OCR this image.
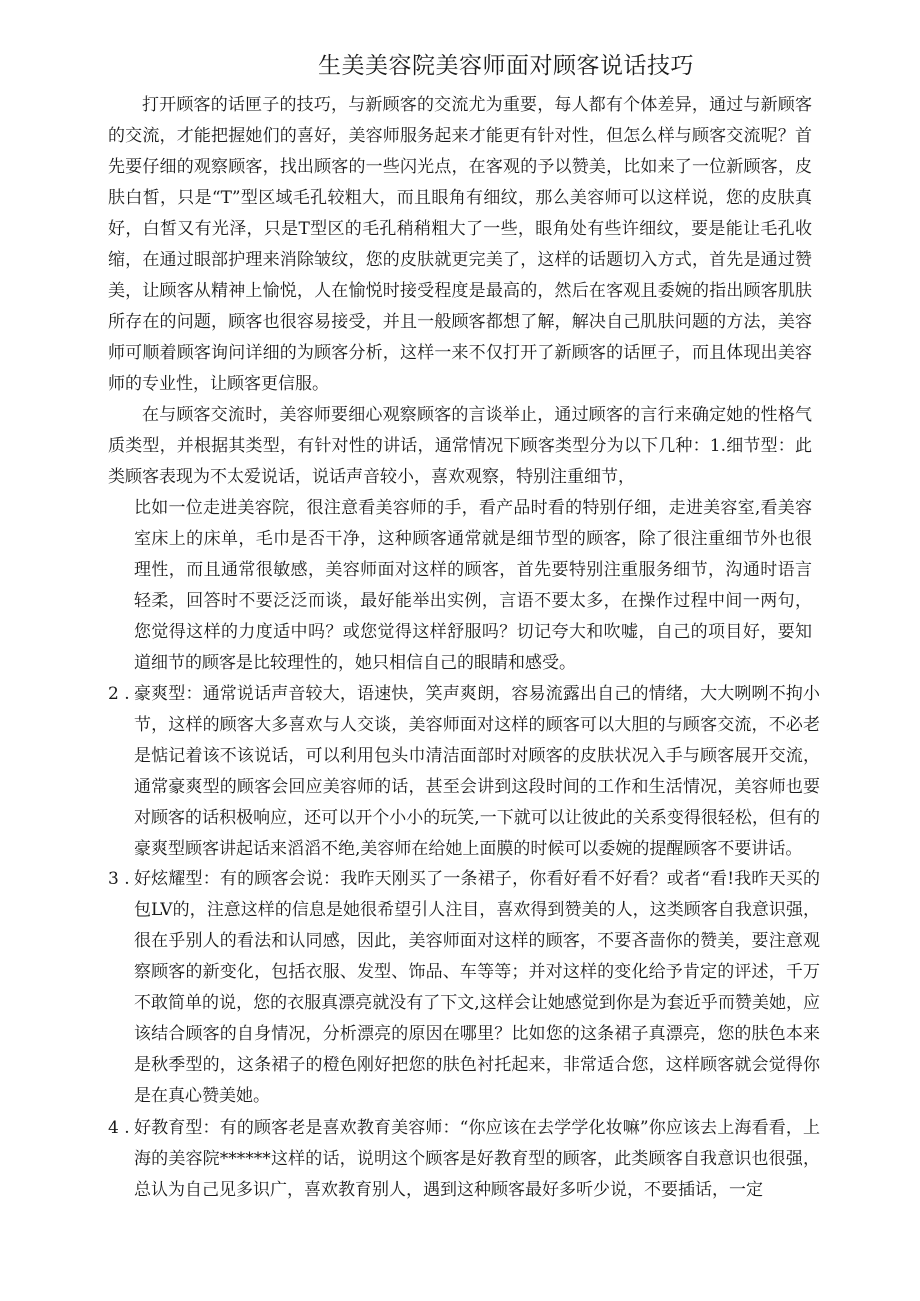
生美美容院美容师面对顾客说话技巧

打开顾客的话匣子的技巧，与新顾客的交流尤为重要，每人都有个体差异，通过与新顾客的交流，才能把握她们的喜好，美容师服务起来才能更有针对性，但怎么样与顾客交流呢？首先要仔细的观察顾客，找出顾客的一些闪光点，在客观的予以赞美，比如来了一位新顾客，皮肤白皙，只是“T”型区域毛孔较粗大，而且眼角有细纹，那么美容师可以这样说，您的皮肤真好，白皙又有光泽，只是T型区的毛孔稍稍粗大了一些，眼角处有些许细纹，要是能让毛孔收缩，在通过眼部护理来消除皱纹，您的皮肤就更完美了，这样的话题切入方式，首先是通过赞美，让顾客从精神上愉悦，人在愉悦时接受程度是最高的，然后在客观且委婉的指出顾客肌肤所存在的问题，顾客也很容易接受，并且一般顾客都想了解，解决自己肌肤问题的方法，美容师可顺着顾客询问详细的为顾客分析，这样一来不仅打开了新顾客的话匣子，而且体现出美容师的专业性，让顾客更信服。

在与顾客交流时，美容师要细心观察顾客的言谈举止，通过顾客的言行来确定她的性格气质类型，并根据其类型，有针对性的讲话，通常情况下顾客类型分为以下几种：1.细节型：此类顾客表现为不太爱说话，说话声音较小，喜欢观察，特别注重细节，

比如一位走进美容院，很注意看美容师的手，看产品时看的特别仔细，走进美容室,看美容室床上的床单，毛巾是否干净，这种顾客通常就是细节型的顾客，除了很注重细节外也很理性，而且通常很敏感，美容师面对这样的顾客，首先要特别注重服务细节，沟通时语言轻柔，回答时不要泛泛而谈，最好能举出实例，言语不要太多，在操作过程中间一两句，您觉得这样的力度适中吗？或您觉得这样舒服吗？切记夸大和吹嘘，自己的项目好，要知道细节的顾客是比较理性的，她只相信自己的眼睛和感受。

2 . 豪爽型：通常说话声音较大，语速快，笑声爽朗，容易流露出自己的情绪，大大咧咧不拘小节，这样的顾客大多喜欢与人交谈，美容师面对这样的顾客可以大胆的与顾客交流，不必老是惦记着该不该说话，可以利用包头巾清洁面部时对顾客的皮肤状况入手与顾客展开交流，通常豪爽型的顾客会回应美容师的话，甚至会讲到这段时间的工作和生活情况，美容师也要对顾客的话积极响应，还可以开个小小的玩笑,一下就可以让彼此的关系变得很轻松，但有的豪爽型顾客讲起话来滔滔不绝,美容师在给她上面膜的时候可以委婉的提醒顾客不要讲话。

3 . 好炫耀型：有的顾客会说：我昨天刚买了一条裙子，你看好看不好看？或者“看!我昨天买的包LV的，注意这样的信息是她很希望引人注目，喜欢得到赞美的人，这类顾客自我意识强，很在乎别人的看法和认同感，因此，美容师面对这样的顾客，不要吝啬你的赞美，要注意观察顾客的新变化，包括衣服、发型、饰品、车等等；并对这样的变化给予肯定的评述，千万不敢简单的说，您的衣服真漂亮就没有了下文,这样会让她感觉到你是为套近乎而赞美她，应该结合顾客的自身情况，分析漂亮的原因在哪里？比如您的这条裙子真漂亮，您的肤色本来是秋季型的，这条裙子的橙色刚好把您的肤色衬托起来，非常适合您，这样顾客就会觉得你是在真心赞美她。

4 . 好教育型：有的顾客老是喜欢教育美容师：“你应该在去学学化妆嘛”你应该去上海看看，上海的美容院******这样的话，说明这个顾客是好教育型的顾客，此类顾客自我意识也很强，总认为自己见多识广，喜欢教育别人，遇到这种顾客最好多听少说，不要插话，一定
